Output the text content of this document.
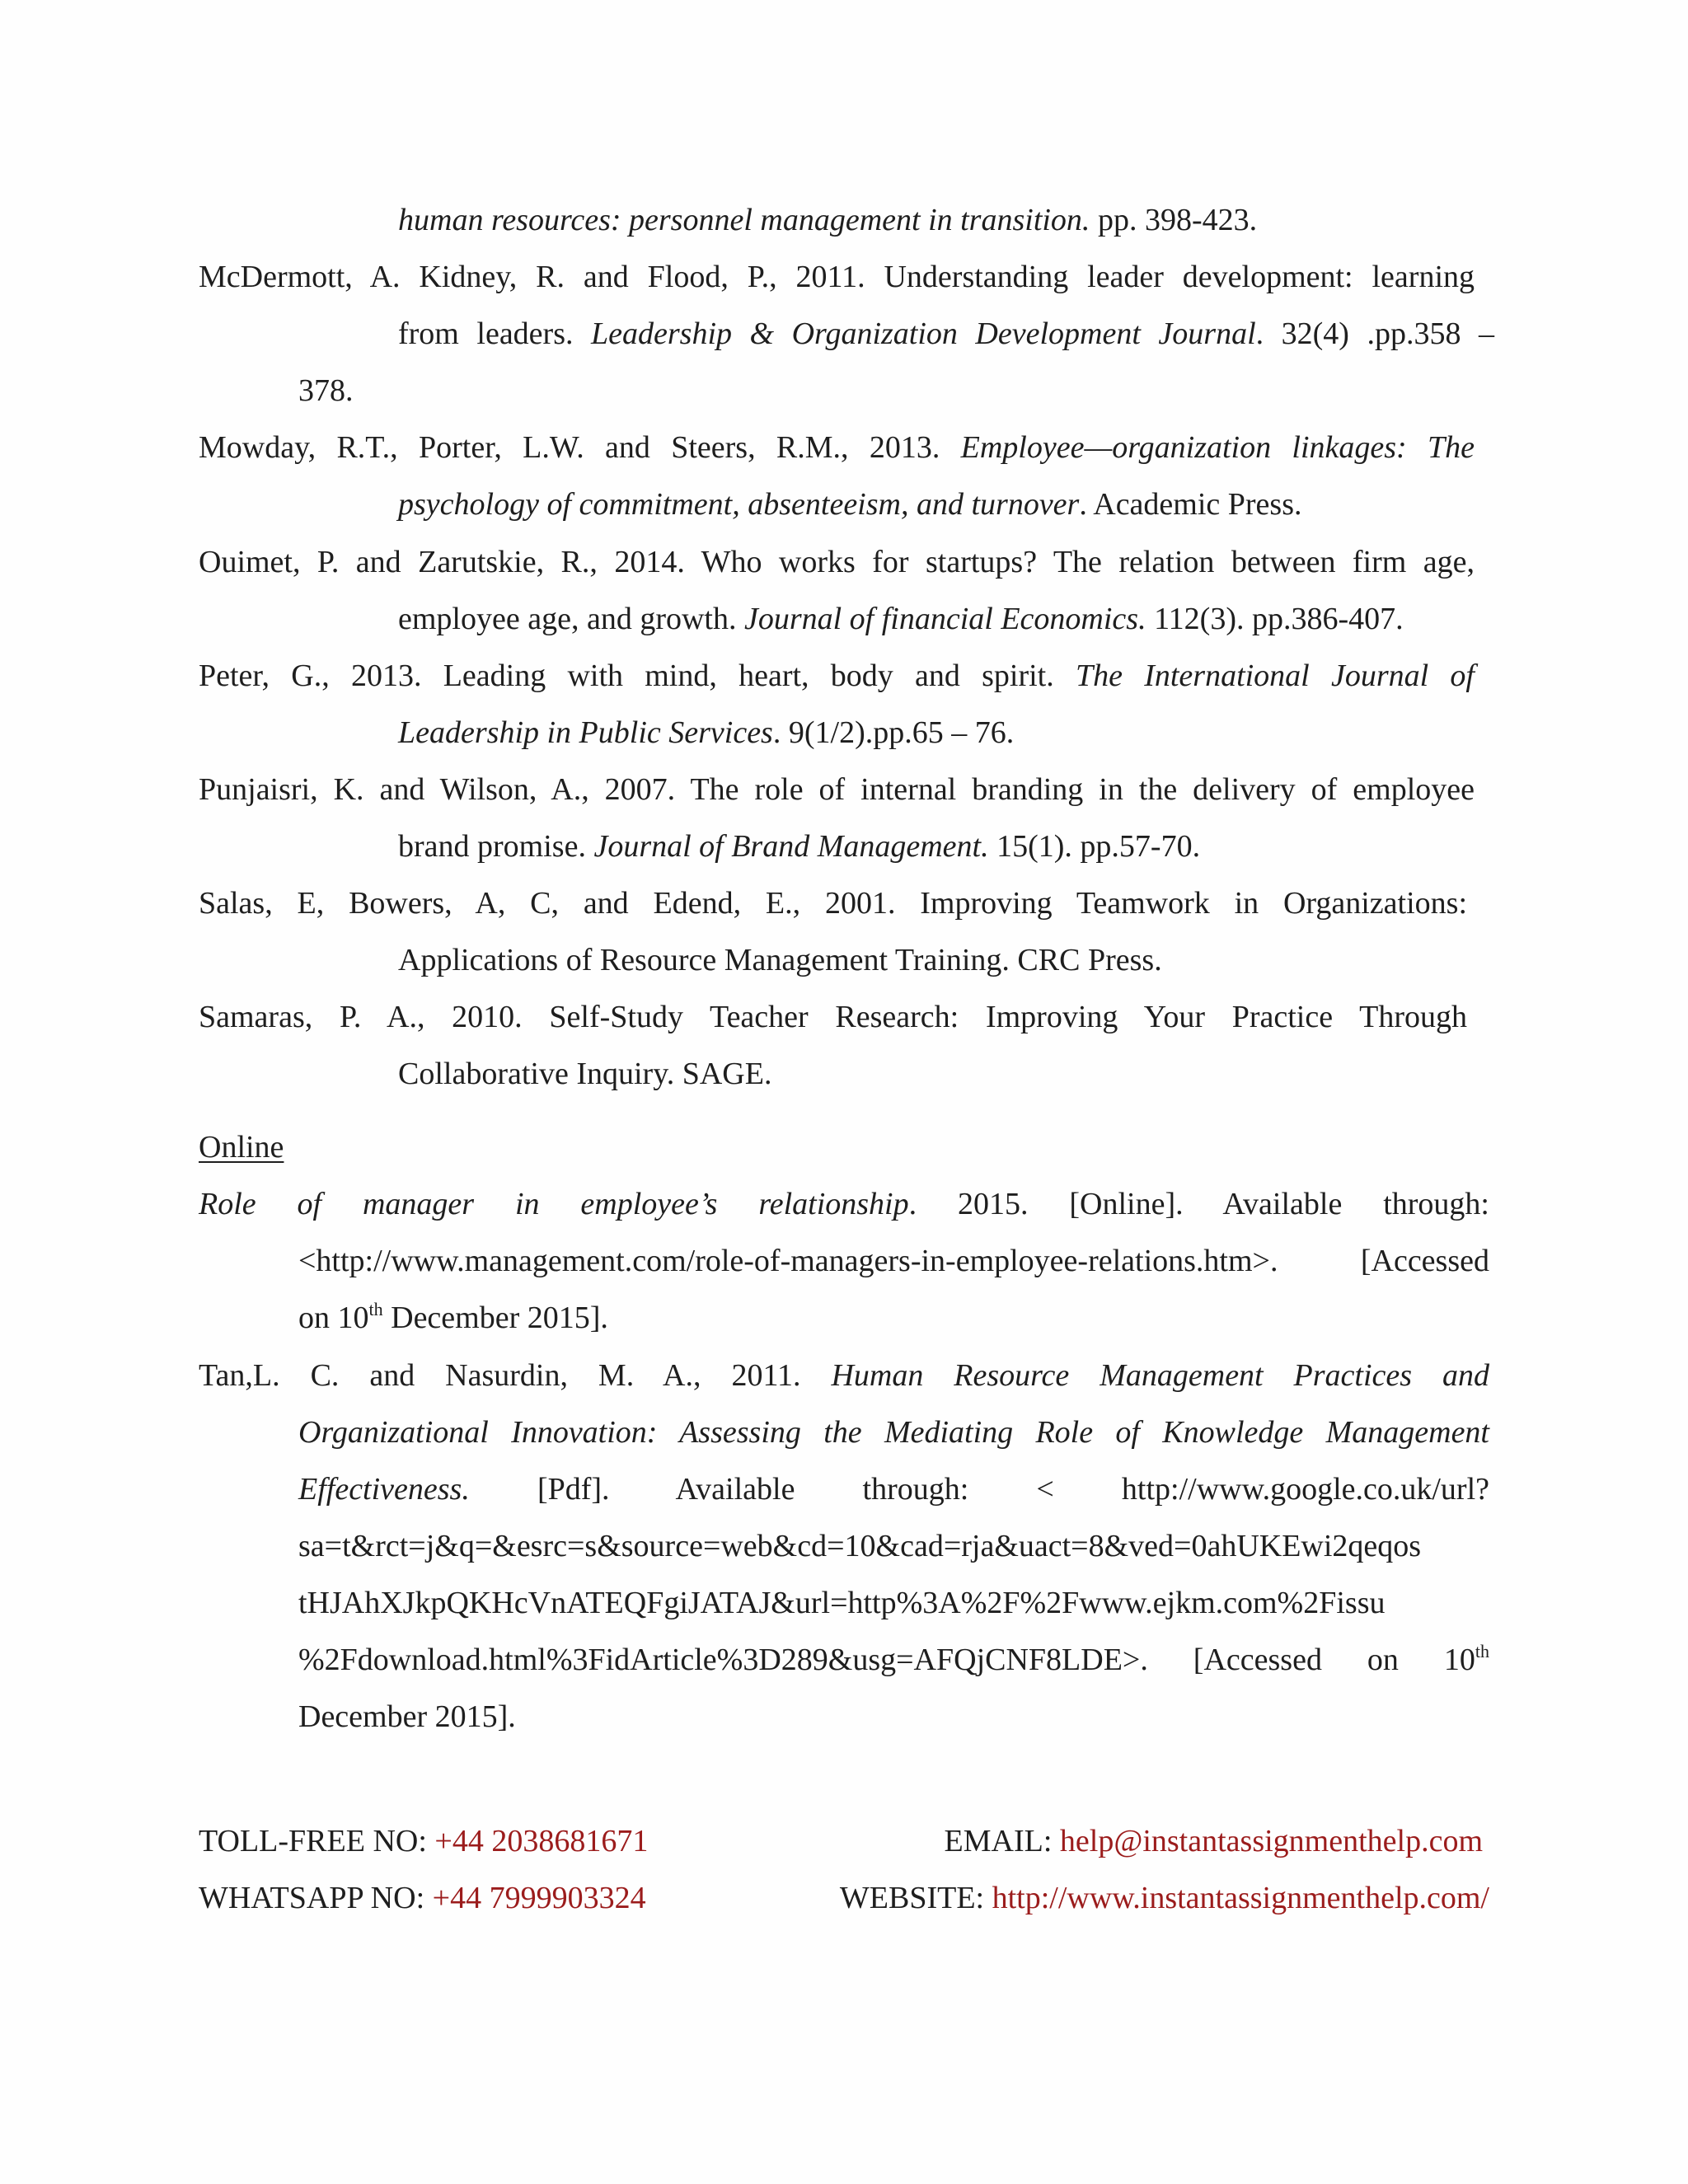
human resources: personnel management in transition. pp. 398-423.
McDermott, A. Kidney, R. and Flood, P., 2011. Understanding leader development: learning
from leaders. Leadership & Organization Development Journal. 32(4) .pp.358 –
378.
Mowday, R.T., Porter, L.W. and Steers, R.M., 2013. Employee—organization linkages: The
psychology of commitment, absenteeism, and turnover. Academic Press.
Ouimet, P. and Zarutskie, R., 2014. Who works for startups? The relation between firm age,
employee age, and growth. Journal of financial Economics. 112(3). pp.386-407.
Peter, G., 2013. Leading with mind, heart, body and spirit. The International Journal of
Leadership in Public Services. 9(1/2).pp.65 – 76.
Punjaisri, K. and Wilson, A., 2007. The role of internal branding in the delivery of employee
brand promise. Journal of Brand Management. 15(1). pp.57-70.
Salas, E, Bowers, A, C, and Edend, E., 2001. Improving Teamwork in Organizations:
Applications of Resource Management Training. CRC Press.
Samaras, P. A., 2010. Self-Study Teacher Research: Improving Your Practice Through
Collaborative Inquiry. SAGE.
Online
Role of manager in employee’s relationship. 2015. [Online]. Available through:
<http://www.management.com/role-of-managers-in-employee-relations.htm>. [Accessed
on 10th December 2015].
Tan,L. C. and Nasurdin, M. A., 2011. Human Resource Management Practices and
Organizational Innovation: Assessing the Mediating Role of Knowledge Management
Effectiveness. [Pdf]. Available through: < http://www.google.co.uk/url?
sa=t&rct=j&q=&esrc=s&source=web&cd=10&cad=rja&uact=8&ved=0ahUKEwi2qeqos
tHJAhXJkpQKHcVnATEQFgiJATAJ&url=http%3A%2F%2Fwww.ejkm.com%2Fissu
%2Fdownload.html%3FidArticle%3D289&usg=AFQjCNF8LDE>. [Accessed on 10th
December 2015].
TOLL-FREE NO: +44 2038681671	EMAIL: help@instantassignmenthelp.com
WHATSAPP NO: +44 7999903324	WEBSITE: http://www.instantassignmenthelp.com/
